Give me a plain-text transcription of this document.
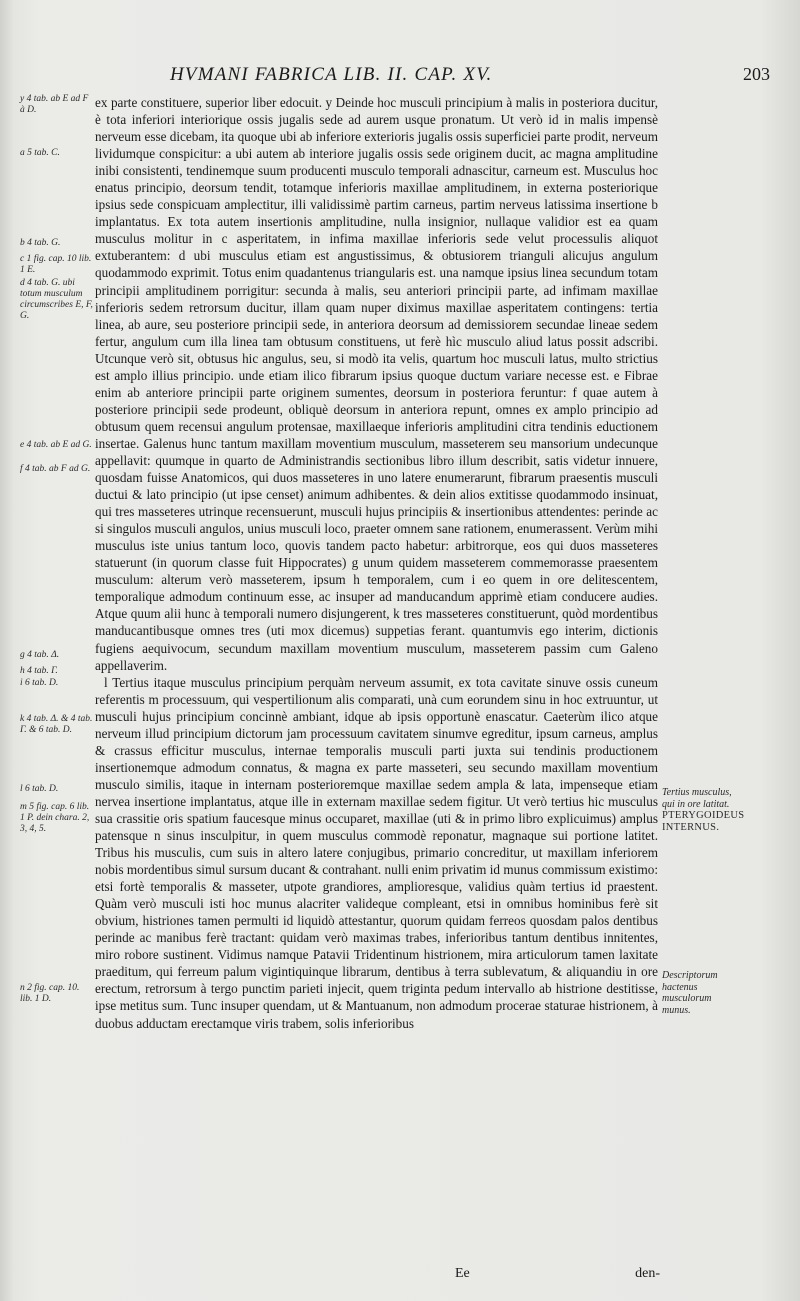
HVMANI FABRICA LIB. II. CAP. XV.	203
y 4 tab. ab E ad F à D.
a 5 tab. C.
b 4 tab. G.
c 1 fig. cap. 10 lib. 1 E.
d 4 tab. G. ubi totum musculum circumscribes E, F, G.
e 4 tab. ab E ad G.
f 4 tab. ab F ad G.
g 4 tab. Δ.
h 4 tab. Γ.
i 6 tab. D.
k 4 tab. Δ. & 4 tab. Γ. & 6 tab. D.
l 6 tab. D.
m 5 fig. cap. 6 lib. 1 P. dein chara. 2, 3, 4, 5.
n 2 fig. cap. 10. lib. 1 D.
Tertius musculus, qui in ore latitat.
PTERYGOIDEUS INTERNUS.
Descriptorum hactenus musculorum munus.

ex parte constituere, superior liber edocuit. y Deinde hoc musculi principium à malis in posteriora ducitur, è tota inferiori interiorique ossis jugalis sede ad aurem usque pronatum. Ut verò id in malis impensè nerveum esse dicebam, ita quoque ubi ab inferiore exterioris jugalis ossis superficiei parte prodit, nerveum lividumque conspicitur: a ubi autem ab interiore jugalis ossis sede originem ducit, ac magna amplitudine inibi consistenti, tendinemque suum producenti musculo temporali adnascitur, carneum est. Musculus hoc enatus principio, deorsum tendit, totamque inferioris maxillae amplitudinem, in externa posteriorique ipsius sede conspicuam amplectitur, illi validissimè partim carneus, partim nerveus latissima insertione b implantatus. Ex tota autem insertionis amplitudine, nulla insignior, nullaque validior est ea quam musculus molitur in c asperitatem, in infima maxillae inferioris sede velut processulis aliquot extuberantem: d ubi musculus etiam est angustissimus, & obtusiorem trianguli alicujus angulum quodammodo exprimit. Totus enim quadantenus triangularis est. una namque ipsius linea secundum totam principii amplitudinem porrigitur: secunda à malis, seu anteriori principii parte, ad infimam maxillae inferioris sedem retrorsum ducitur, illam quam nuper diximus maxillae asperitatem contingens: tertia linea, ab aure, seu posteriore principii sede, in anteriora deorsum ad demissiorem secundae lineae sedem fertur, angulum cum illa linea tam obtusum constituens, ut ferè hìc musculo aliud latus possit adscribi. Utcunque verò sit, obtusus hic angulus, seu, si modò ita velis, quartum hoc musculi latus, multo strictius est amplo illius principio. unde etiam ilico fibrarum ipsius quoque ductum variare necesse est. e Fibrae enim ab anteriore principii parte originem sumentes, deorsum in posteriora feruntur: f quae autem à posteriore principii sede prodeunt, obliquè deorsum in anteriora repunt, omnes ex amplo principio ad obtusum quem recensui angulum protensae, maxillaeque inferioris amplitudini citra tendinis eductionem insertae. Galenus hunc tantum maxillam moventium musculum, masseterem seu mansorium undecunque appellavit: quumque in quarto de Administrandis sectionibus libro illum describit, satis videtur innuere, quosdam fuisse Anatomicos, qui duos masseteres in uno latere enumerarunt, fibrarum praesentis musculi ductui & lato principio (ut ipse censet) animum adhibentes. & dein alios extitisse quodammodo insinuat, qui tres masseteres utrinque recensuerunt, musculi hujus principiis & insertionibus attendentes: perinde ac si singulos musculi angulos, unius musculi loco, praeter omnem sane rationem, enumerassent. Verùm mihi musculus iste unius tantum loco, quovis tandem pacto habetur: arbitrorque, eos qui duos masseteres statuerunt (in quorum classe fuit Hippocrates) g unum quidem masseterem commemorasse praesentem musculum: alterum verò masseterem, ipsum h temporalem, cum i eo quem in ore delitescentem, temporalique admodum continuum esse, ac insuper ad manducandum apprimè etiam conducere audies. Atque quum alii hunc à temporali numero disjungerent, k tres masseteres constituerunt, quòd mordentibus manducantibusque omnes tres (uti mox dicemus) suppetias ferant. quantumvis ego interim, dictionis fugiens aequivocum, secundum maxillam moventium musculum, masseterem passim cum Galeno appellaverim.

l Tertius itaque musculus principium perquàm nerveum assumit, ex tota cavitate sinuve ossis cuneum referentis m processuum, qui vespertilionum alis comparati, unà cum eorundem sinu in hoc extruuntur, ut musculi hujus principium concinnè ambiant, idque ab ipsis opportunè enascatur. Caeterùm ilico atque nerveum illud principium dictorum jam processuum cavitatem sinumve egreditur, ipsum carneus, amplus & crassus efficitur musculus, internae temporalis musculi parti juxta sui tendinis productionem insertionemque admodum connatus, & magna ex parte masseteri, seu secundo maxillam moventium musculo similis, itaque in internam posterioremque maxillae sedem ampla & lata, impenseque etiam nervea insertione implantatus, atque ille in externam maxillae sedem figitur. Ut verò tertius hic musculus sua crassitie oris spatium faucesque minus occuparet, maxillae (uti & in primo libro explicuimus) amplus patensque n sinus insculpitur, in quem musculus commodè reponatur, magnaque sui portione latitet. Tribus his musculis, cum suis in altero latere conjugibus, primario concreditur, ut maxillam inferiorem nobis mordentibus simul sursum ducant & contrahant. nulli enim privatim id munus commissum existimo: etsi fortè temporalis & masseter, utpote grandiores, amplioresque, validius quàm tertius id praestent. Quàm verò musculi isti hoc munus alacriter valideque compleant, etsi in omnibus hominibus ferè sit obvium, histriones tamen permulti id liquidò attestantur, quorum quidam ferreos quosdam palos dentibus perinde ac manibus ferè tractant: quidam verò maximas trabes, inferioribus tantum dentibus innitentes, miro robore sustinent. Vidimus namque Patavii Tridentinum histrionem, mira articulorum tamen laxitate praeditum, qui ferreum palum vigintiquinque librarum, dentibus à terra sublevatum, & aliquandiu in ore erectum, retrorsum à tergo punctim parieti injecit, quem triginta pedum intervallo ab histrione destitisse, ipse metitus sum. Tunc insuper quendam, ut & Mantuanum, non admodum procerae staturae histrionem, à duobus adductam erectamque viris trabem, solis inferioribus

Ee	den-
